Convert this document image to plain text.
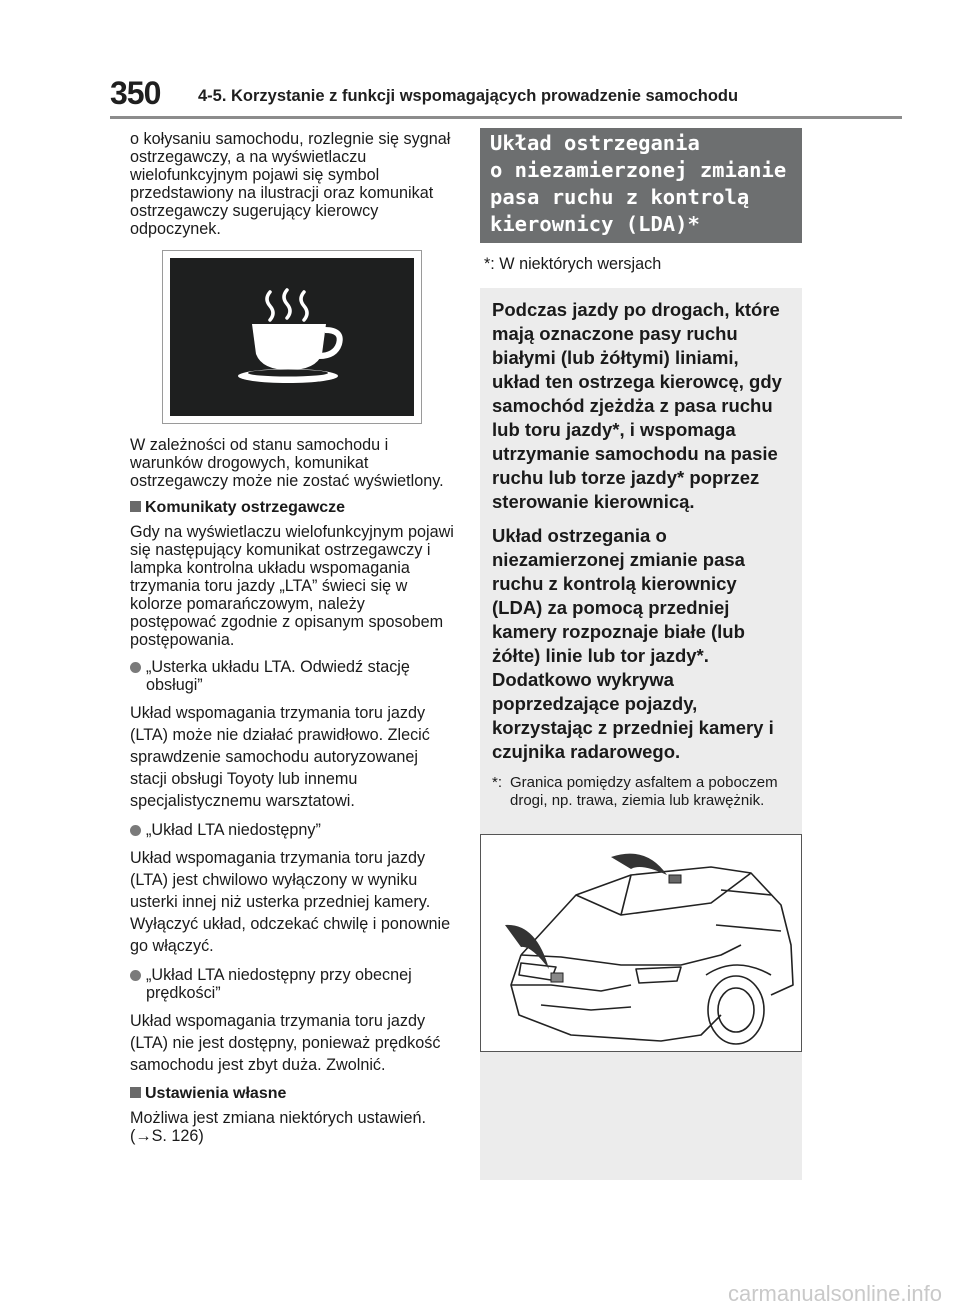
350 4-5. Korzystanie z funkcji wspomagających prowadzenie samochodu

o kołysaniu samochodu, rozlegnie się sygnał ostrzegawczy, a na wyświetlaczu wielofunkcyjnym pojawi się symbol przedstawiony na ilustracji oraz komunikat ostrzegawczy sugerujący kierowcy odpoczynek.

W zależności od stanu samochodu i warunków drogowych, komunikat ostrzegawczy może nie zostać wyświetlony.

Komunikaty ostrzegawcze

Gdy na wyświetlaczu wielofunkcyjnym pojawi się następujący komunikat ostrzegawczy i lampka kontrolna układu wspomagania trzymania toru jazdy „LTA” świeci się w kolorze pomarańczowym, należy postępować zgodnie z opisanym sposobem postępowania.

„Usterka układu LTA. Odwiedź stację obsługi”

Układ wspomagania trzymania toru jazdy (LTA) może nie działać prawidłowo. Zlecić sprawdzenie samochodu autoryzowanej stacji obsługi Toyoty lub innemu specjalistycznemu warsztatowi.

„Układ LTA niedostępny”

Układ wspomagania trzymania toru jazdy (LTA) jest chwilowo wyłączony w wyniku usterki innej niż usterka przedniej kamery. Wyłączyć układ, odczekać chwilę i ponownie go włączyć.

„Układ LTA niedostępny przy obecnej prędkości”

Układ wspomagania trzymania toru jazdy (LTA) nie jest dostępny, ponieważ prędkość samochodu jest zbyt duża. Zwolnić.

Ustawienia własne

Możliwa jest zmiana niektórych ustawień. (→S. 126)

Układ ostrzegania
o niezamierzonej zmianie
pasa ruchu z kontrolą
kierownicy (LDA)*
*: W niektórych wersjach

Podczas jazdy po drogach, które mają oznaczone pasy ruchu białymi (lub żółtymi) liniami, układ ten ostrzega kierowcę, gdy samochód zjeżdża z pasa ruchu lub toru jazdy*, i wspomaga utrzymanie samochodu na pasie ruchu lub torze jazdy* poprzez sterowanie kierownicą.

Układ ostrzegania o niezamierzonej zmianie pasa ruchu z kontrolą kierownicy (LDA) za pomocą przedniej kamery rozpoznaje białe (lub żółte) linie lub tor jazdy*. Dodatkowo wykrywa poprzedzające pojazdy, korzystając z przedniej kamery i czujnika radarowego.

*: Granica pomiędzy asfaltem a poboczem drogi, np. trawa, ziemia lub krawężnik.
carmanualsonline.info
